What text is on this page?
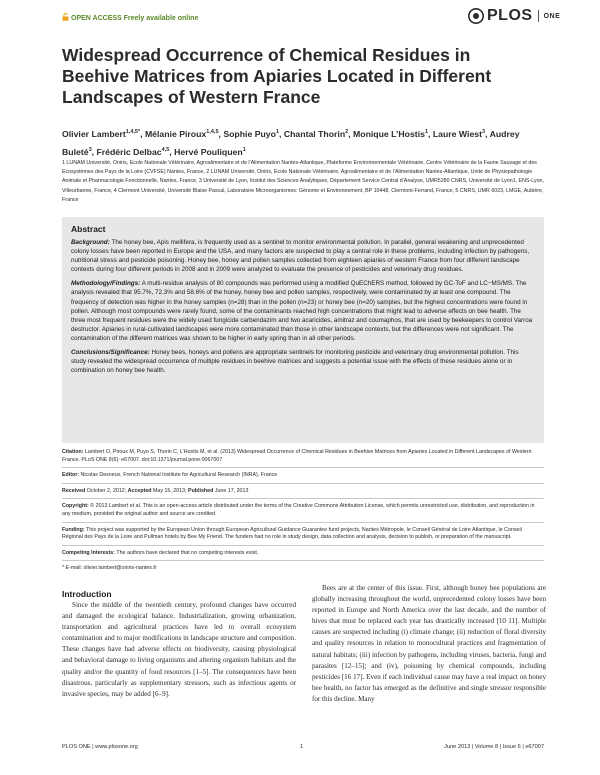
OPEN ACCESS Freely available online	PLOS ONE
Widespread Occurrence of Chemical Residues in Beehive Matrices from Apiaries Located in Different Landscapes of Western France
Olivier Lambert$^{1,4,5*}$, Mélanie Piroux$^{1,4,5}$, Sophie Puyo$^1$, Chantal Thorin$^2$, Monique L’Hostis$^1$, Laure Wiest$^3$, Audrey Buleté$^3$, Frédéric Delbac$^{4,5}$, Hervé Pouliquen$^1$
1 LUNAM Université, Oniris, Ecole Nationale Vétérinaire, Agroalimentaire et de l’Alimentation Nantes-Atlantique, Plateforme Environnementale Vétérinaire, Centre Vétérinaire de la Faune Sauvage et des Ecosystèmes des Pays de la Loire (CVFSE) Nantes, France, 2 LUNAM Université, Oniris, Ecole Nationale Vétérinaire, Agroalimentaire et de l’Alimentation Nantes-Atlantique, Unité de Physiopathologie Animale et Pharmacologie Fonctionnelle, Nantes, France, 3 Université de Lyon, Institut des Sciences Analytiques, Département Service Central d’Analyse, UMR5280 CNRS, Université de Lyon1, ENS-Lyon, Villeurbanne, France, 4 Clermont Université, Université Blaise Pascal, Laboratoire Microorganismes: Génome et Environnement, BP 10448, Clermont-Ferrand, France, 5 CNRS, UMR 6023, LMGE, Aubière, France
Abstract

Background: The honey bee, Apis mellifera, is frequently used as a sentinel to monitor environmental pollution. In parallel, general weakening and unprecedented colony losses have been reported in Europe and the USA, and many factors are suspected to play a central role in these problems, including infection by pathogens, nutritional stress and pesticide poisoning. Honey bee, honey and pollen samples collected from eighteen apiaries of western France from four different landscape contexts during four different periods in 2008 and in 2009 were analyzed to evaluate the presence of pesticides and veterinary drug residues.

Methodology/Findings: A multi-residue analysis of 80 compounds was performed using a modified QuEChERS method, followed by GC-ToF and LC−MS/MS. The analysis revealed that 95.7%, 72.3% and 58.6% of the honey, honey bee and pollen samples, respectively, were contaminated by at least one compound. The frequency of detection was higher in the honey samples (n=28) than in the pollen (n=23) or honey bee (n=20) samples, but the highest concentrations were found in pollen. Although most compounds were rarely found, some of the contaminants reached high concentrations that might lead to adverse effects on bee health. The three most frequent residues were the widely used fungicide carbendazim and two acaricides, amitraz and coumaphos, that are used by beekeepers to control Varroa destructor. Apiaries in rural-cultivated landscapes were more contaminated than those in other landscape contexts, but the differences were not significant. The contamination of the different matrices was shown to be higher in early spring than in all other periods.

Conclusions/Significance: Honey bees, honeys and pollens are appropriate sentinels for monitoring pesticide and veterinary drug environmental pollution. This study revealed the widespread occurrence of multiple residues in beehive matrices and suggests a potential issue with the effects of these residues alone or in combination on honey bee health.

Citation: Lambert O, Piroux M, Puyo S, Thorin C, L’Hostis M, et al. (2013) Widespread Occurrence of Chemical Residues in Beehive Matrices from Apiaries Located in Different Landscapes of Western France. PLoS ONE 8(6): e67007. doi:10.1371/journal.pone.0067007
Editor: Nicolas Desneux, French National Institute for Agricultural Research (INRA), France
Received October 2, 2012; Accepted May 15, 2013; Published June 17, 2013
Copyright: © 2013 Lambert et al. This is an open-access article distributed under the terms of the Creative Commons Attribution License, which permits unrestricted use, distribution, and reproduction in any medium, provided the original author and source are credited.
Funding: This project was supported by the European Union through European Agricultural Guidance Guarantee fund projects, Nantes Métropole, le Conseil Général de Loire Atlantique, le Conseil Régional des Pays de la Loire and Pullman hotels by Bee My Friend. The funders had no role in study design, data collection and analysis, decision to publish, or preparation of the manuscript.
Competing Interests: The authors have declared that no competing interests exist.
* E-mail: olivier.lambert@oniris-nantes.fr
Introduction

Since the middle of the twentieth century, profound changes have occurred and damaged the ecological balance. Industrialization, growing urbanization, transportation and agricultural practices have led to overall ecosystem contamination and to major modifications in landscape structure and composition. These changes have had adverse effects on biodiversity, causing physiological and behavioral damage to living organisms and altering organism habitats and the quality and/or the quantity of food resources [1–5]. The consequences have been disastrous, particularly as supplementary stressors, such as infectious agents or invasive species, may be added [6–9].

Bees are at the center of this issue. First, although honey bee populations are globally increasing throughout the world, unprecedented colony losses have been reported in Europe and North America over the last decade, and the number of hives that must be replaced each year has drastically increased [10 11]. Multiple causes are suspected including (i) climate change; (ii) reduction of floral diversity and quality resources in relation to monocultural practices and fragmentation of natural habitats; (iii) infection by pathogens, including viruses, bacteria, fungi and parasites [12–15]; and (iv), poisoning by chemical compounds, including pesticides [16 17]. Even if each individual cause may have a real impact on honey bee health, no factor has emerged as the definitive and single stressor responsible for this decline. Many

PLOS ONE | www.plosone.org	1	June 2013 | Volume 8 | Issue 6 | e67007
